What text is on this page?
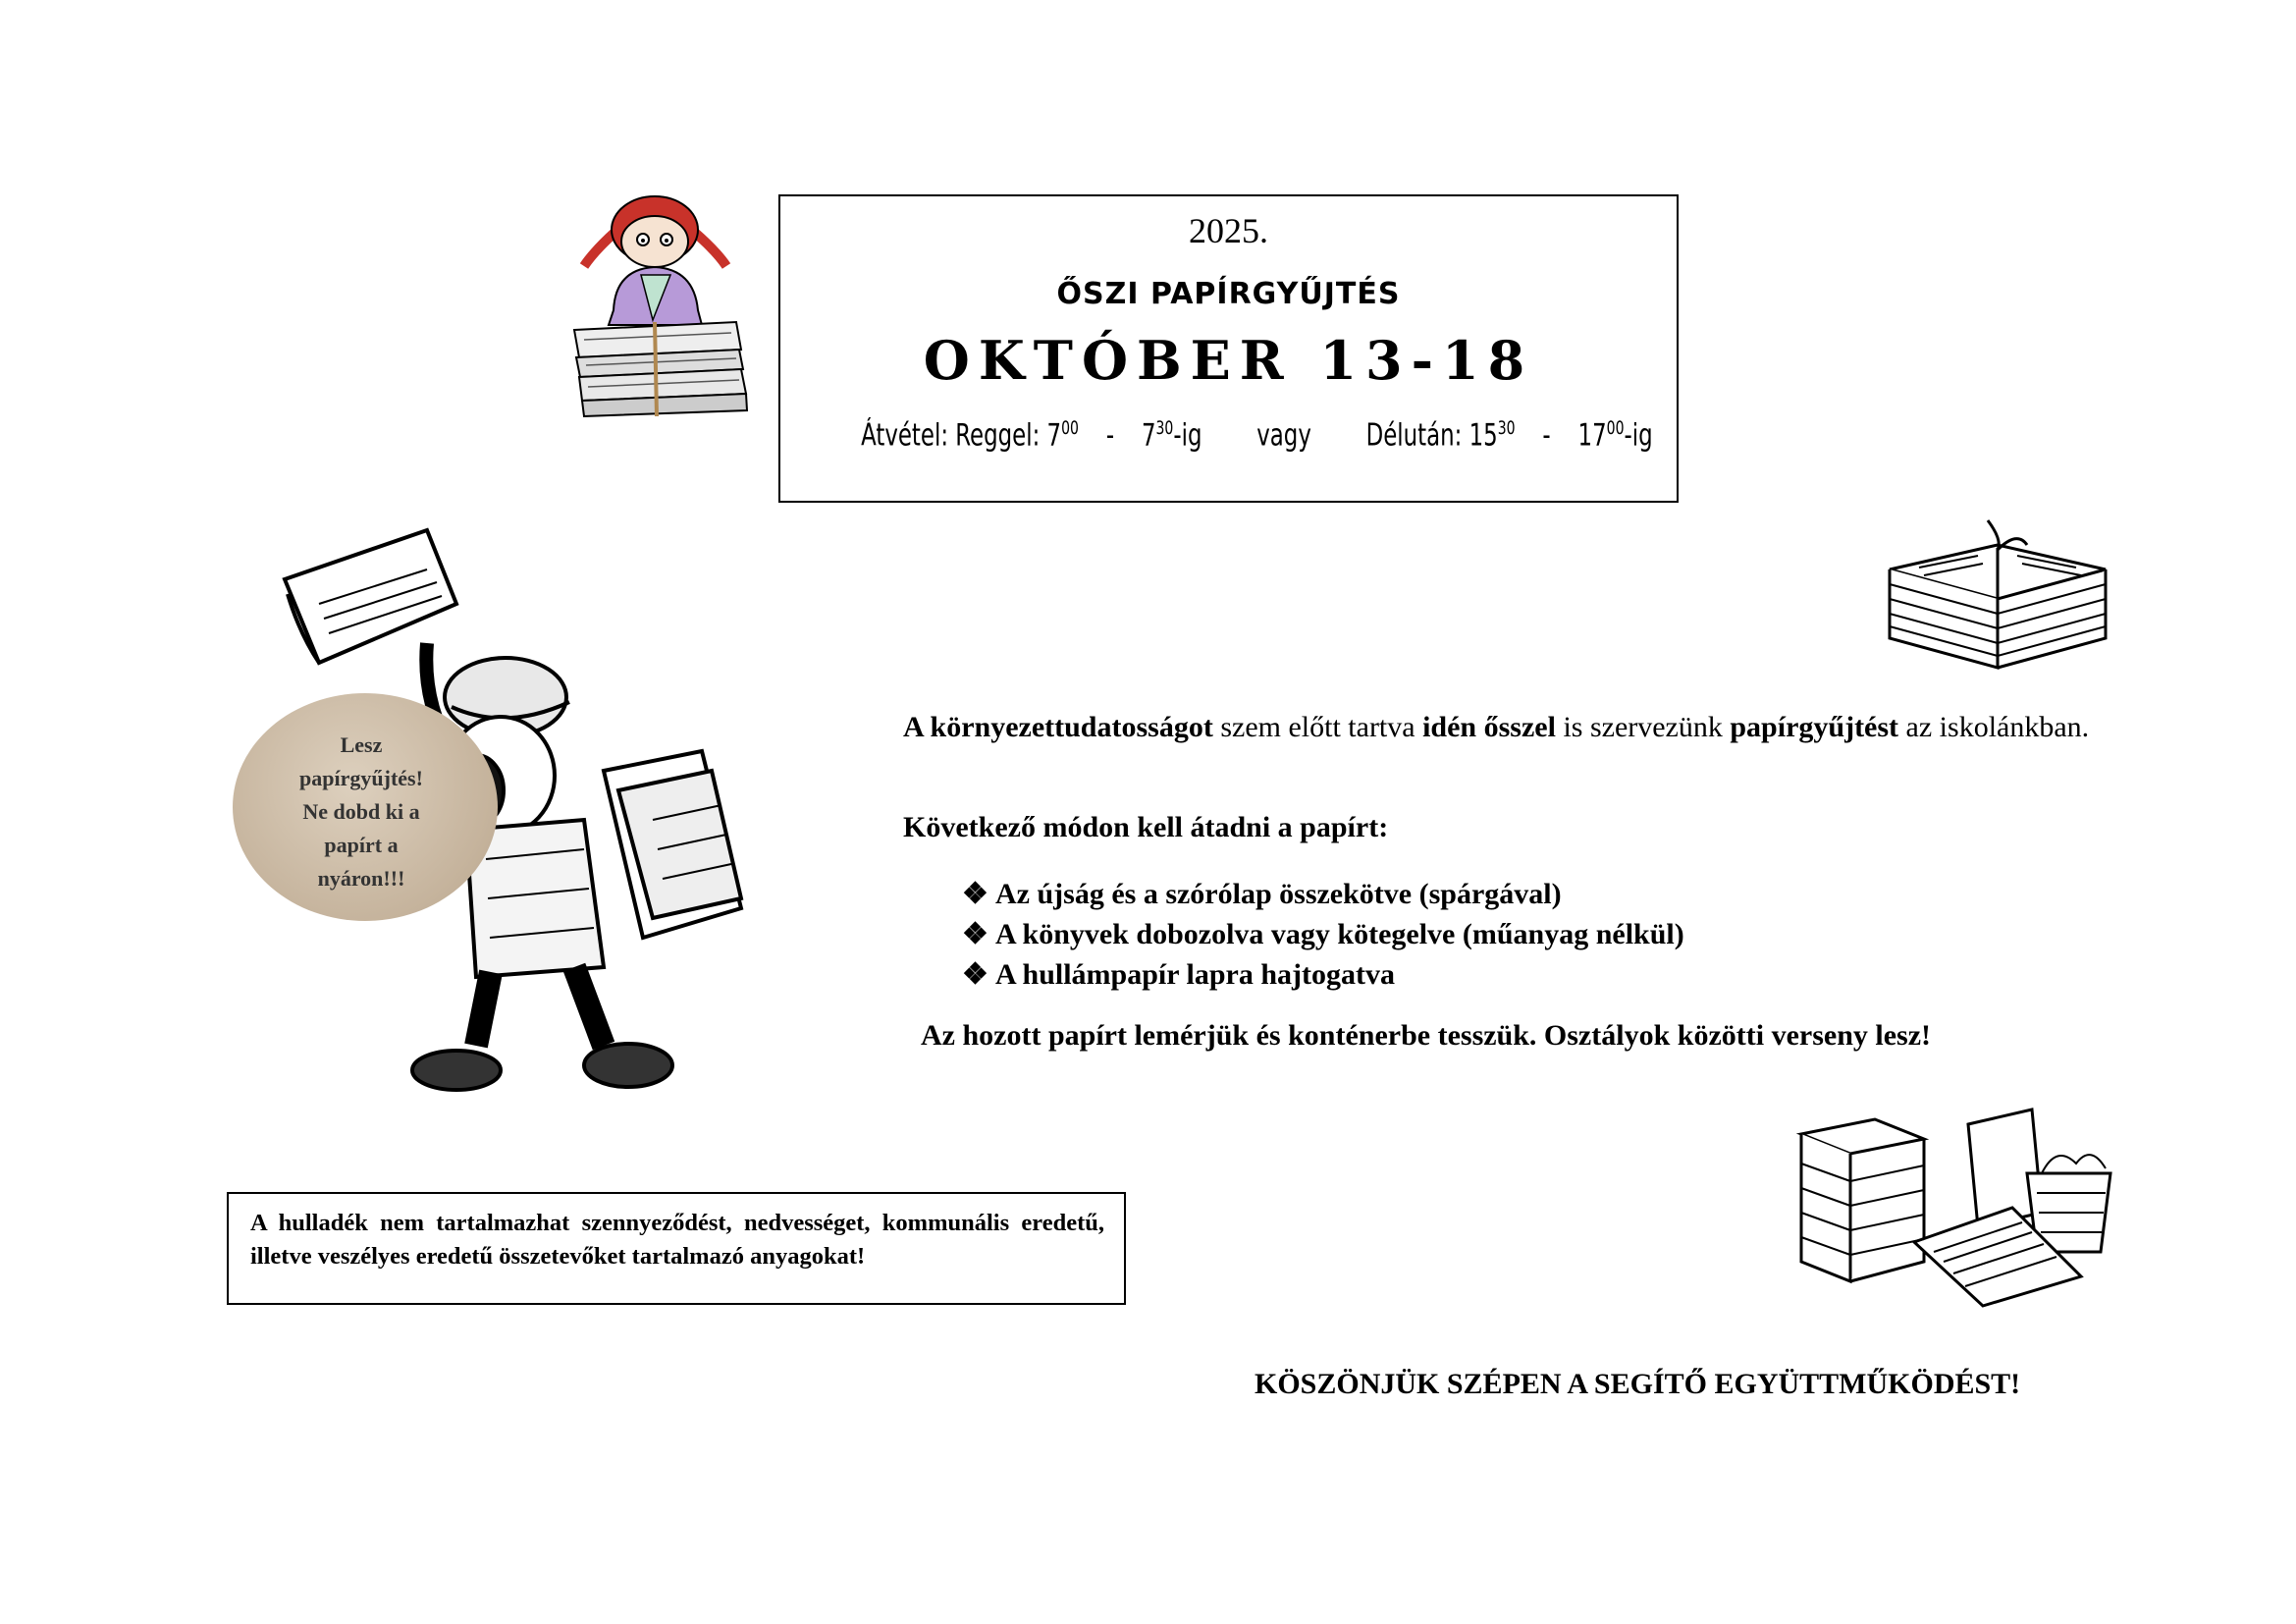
2025.
ŐSZI PAPÍRGYŰJTÉS
OKTÓBER 13-18
Átvétel: Reggel: $7^{00} - 7^{30}-ig$ vagy Délután: $15^{30} - 17^{00}-ig$
Lesz
papírgyűjtés!
Ne dobd ki a
papírt a
nyáron!!!
A környezettudatosságot szem előtt tartva idén ősszel is szervezünk papírgyűjtést az iskolánkban.
Következő módon kell átadni a papírt:
❖ Az újság és a szórólap összekötve (spárgával)
❖ A könyvek dobozolva vagy kötegelve (műanyag nélkül)
❖ A hullámpapír lapra hajtogatva
Az hozott papírt lemérjük és konténerbe tesszük. Osztályok közötti verseny lesz!
A hulladék nem tartalmazhat szennyeződést, nedvességet, kommunális eredetű, illetve veszélyes eredetű összetevőket tartalmazó anyagokat!
KÖSZÖNJÜK SZÉPEN A SEGÍTŐ EGYÜTTMŰKÖDÉST!
